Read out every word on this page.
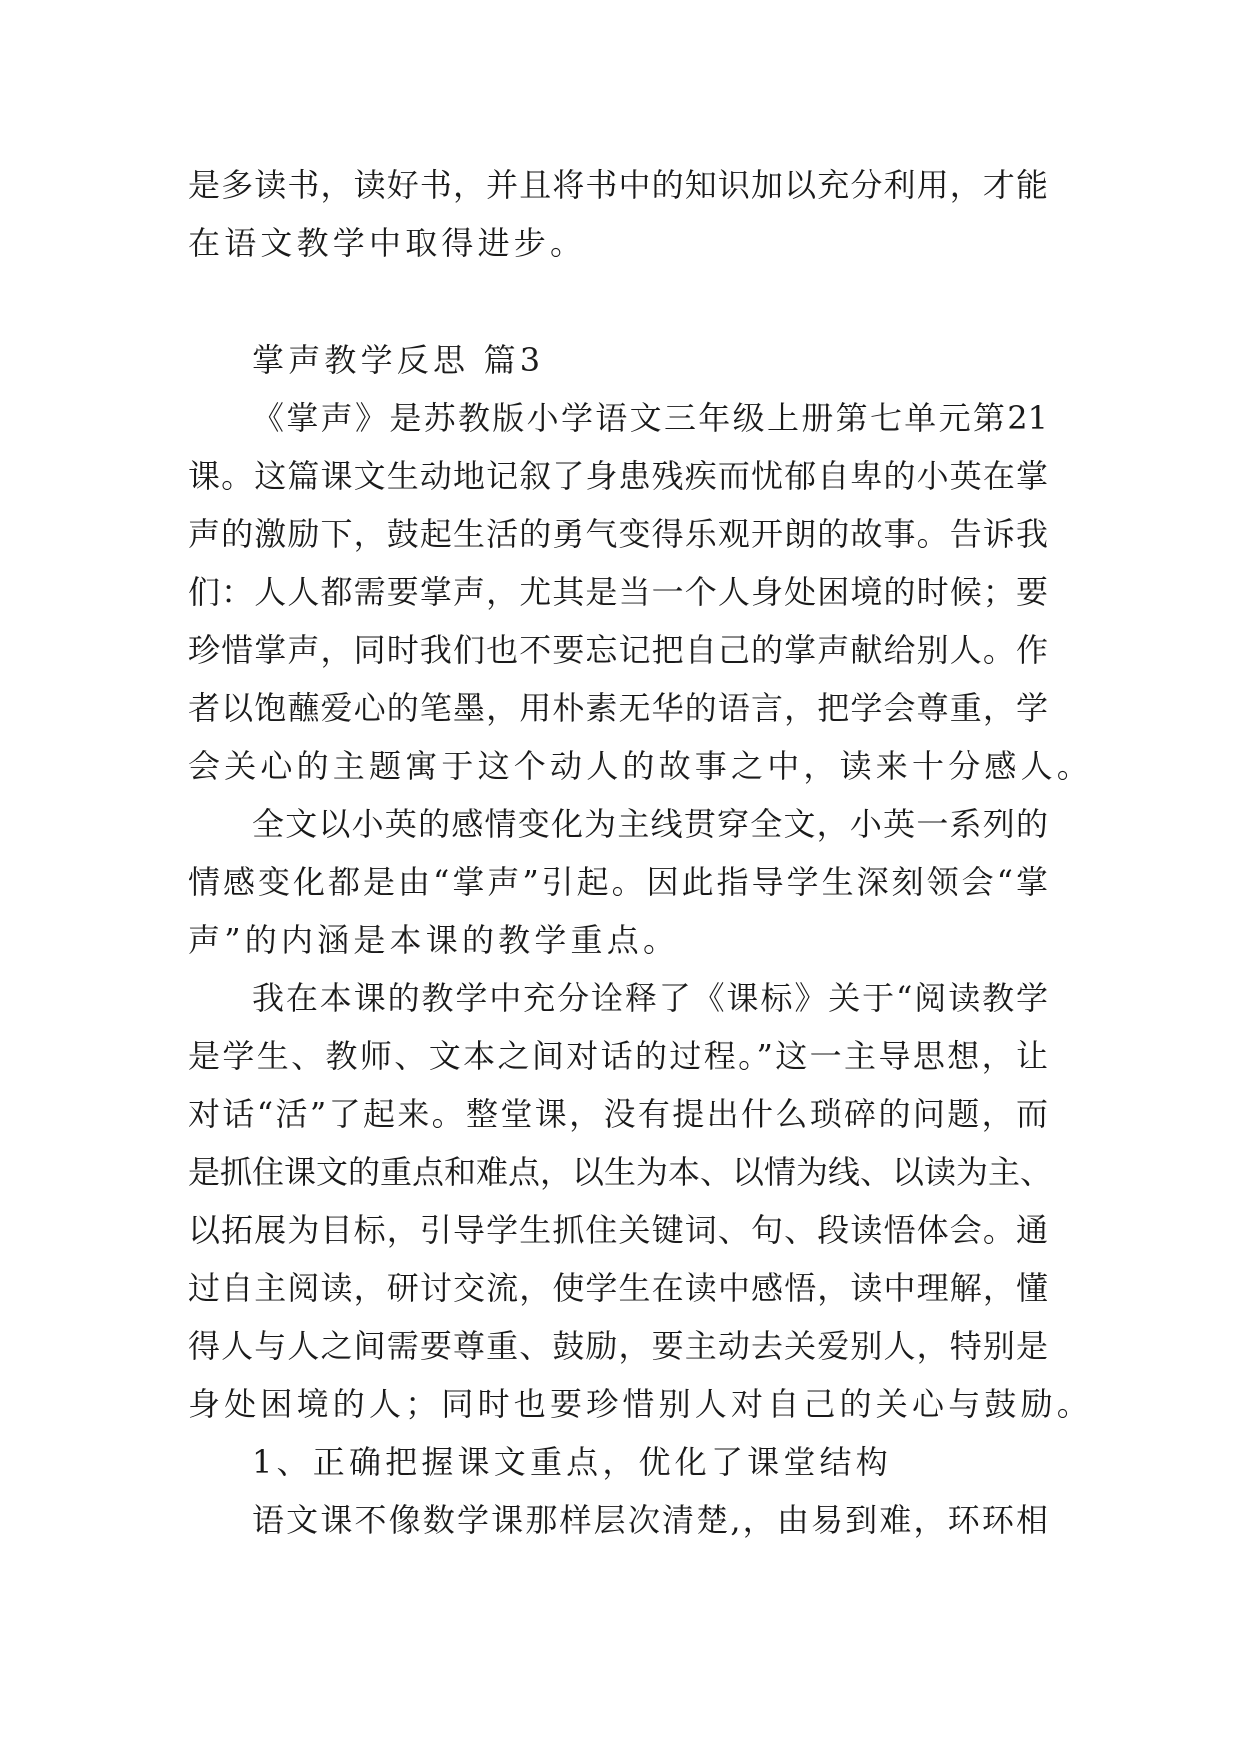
是多读书，读好书，并且将书中的知识加以充分利用，才能
在语文教学中取得进步。
掌声教学反思 篇3
《掌声》是苏教版小学语文三年级上册第七单元第21
课。这篇课文生动地记叙了身患残疾而忧郁自卑的小英在掌
声的激励下，鼓起生活的勇气变得乐观开朗的故事。告诉我
们：人人都需要掌声，尤其是当一个人身处困境的时候；要
珍惜掌声，同时我们也不要忘记把自己的掌声献给别人。作
者以饱蘸爱心的笔墨，用朴素无华的语言，把学会尊重，学
会关心的主题寓于这个动人的故事之中，读来十分感人。
全文以小英的感情变化为主线贯穿全文，小英一系列的
情感变化都是由“掌声”引起。因此指导学生深刻领会“掌
声”的内涵是本课的教学重点。
我在本课的教学中充分诠释了《课标》关于“阅读教学
是学生、教师、文本之间对话的过程。”这一主导思想，让
对话“活”了起来。整堂课，没有提出什么琐碎的问题，而
是抓住课文的重点和难点，以生为本、以情为线、以读为主、
以拓展为目标，引导学生抓住关键词、句、段读悟体会。通
过自主阅读，研讨交流，使学生在读中感悟，读中理解，懂
得人与人之间需要尊重、鼓励，要主动去关爱别人，特别是
身处困境的人；同时也要珍惜别人对自己的关心与鼓励。
1、正确把握课文重点，优化了课堂结构
语文课不像数学课那样层次清楚,，由易到难，环环相
